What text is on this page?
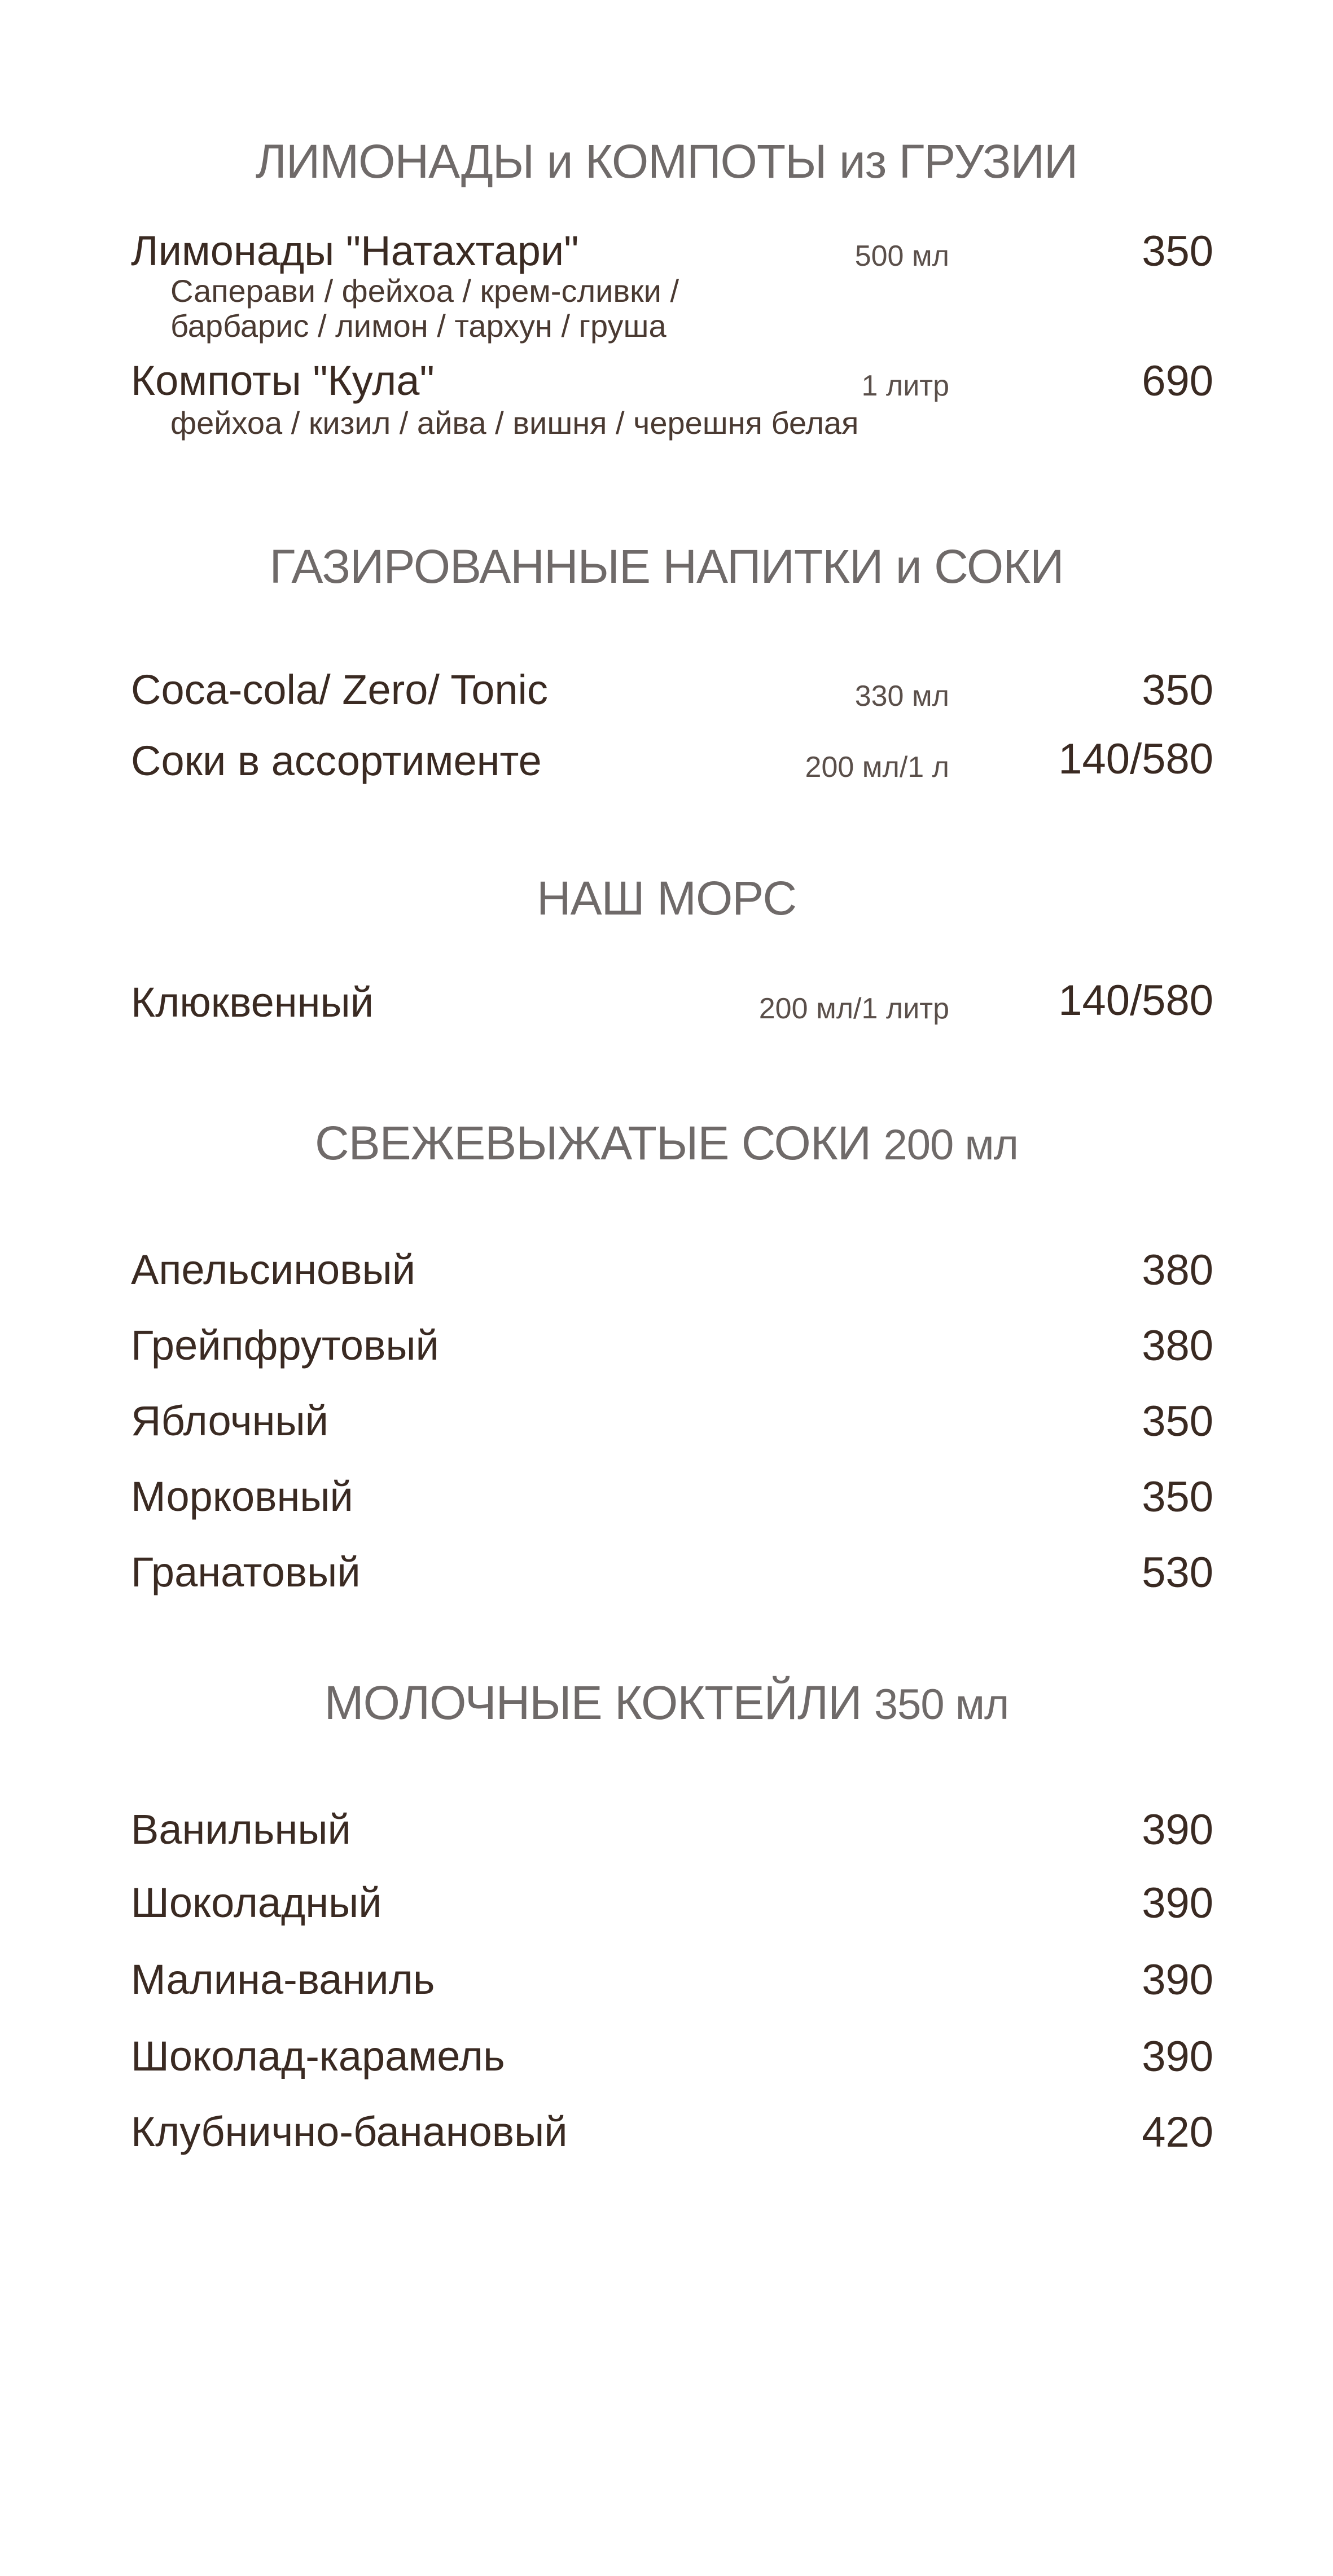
ЛИМОНАДЫ и КОМПОТЫ из ГРУЗИИ
Лимонады "Натахтари"	500 мл	350
Саперави / фейхоа / крем-сливки /
барбарис / лимон / тархун / груша
Компоты "Кула"	1 литр	690
фейхоа / кизил / айва / вишня / черешня белая
ГАЗИРОВАННЫЕ НАПИТКИ и СОКИ
Coca-cola/ Zero/ Tonic	330 мл	350
Соки в ассортименте	200 мл/1 л	140/580
НАШ МОРС
Клюквенный	200 мл/1 литр	140/580
СВЕЖЕВЫЖАТЫЕ СОКИ 200 мл
Апельсиновый	380
Грейпфрутовый	380
Яблочный	350
Морковный	350
Гранатовый	530
МОЛОЧНЫЕ КОКТЕЙЛИ 350 мл
Ванильный	390
Шоколадный	390
Малина-ваниль	390
Шоколад-карамель	390
Клубнично-банановый	420
